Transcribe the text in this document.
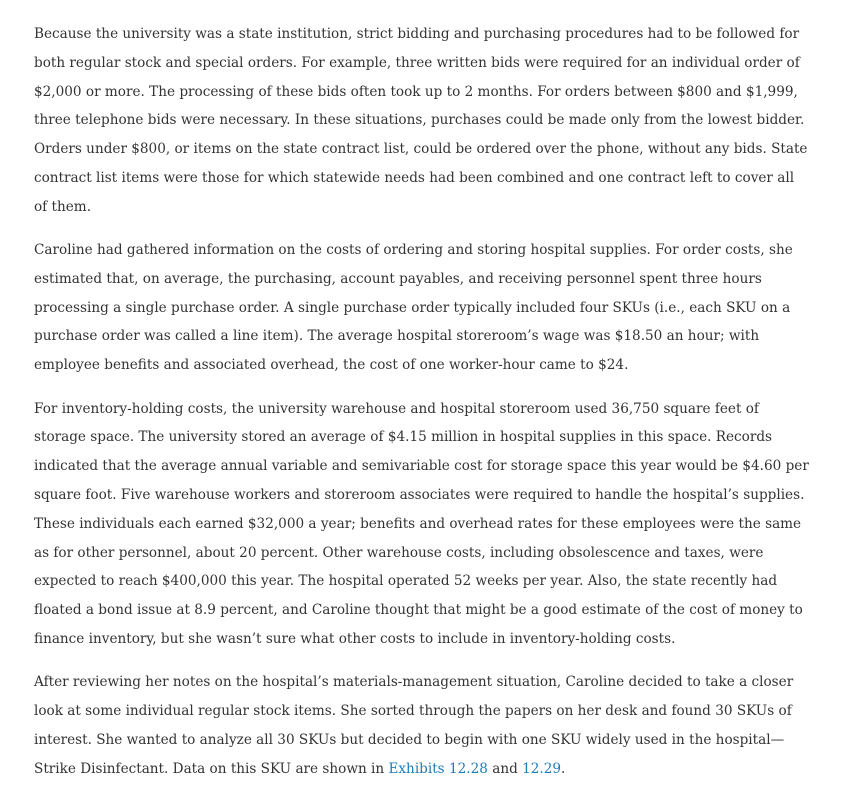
Because the university was a state institution, strict bidding and purchasing procedures had to be followed for both regular stock and special orders. For example, three written bids were required for an individual order of $2,000 or more. The processing of these bids often took up to 2 months. For orders between $800 and $1,999, three telephone bids were necessary. In these situations, purchases could be made only from the lowest bidder. Orders under $800, or items on the state contract list, could be ordered over the phone, without any bids. State contract list items were those for which statewide needs had been combined and one contract left to cover all of them.

Caroline had gathered information on the costs of ordering and storing hospital supplies. For order costs, she estimated that, on average, the purchasing, account payables, and receiving personnel spent three hours processing a single purchase order. A single purchase order typically included four SKUs (i.e., each SKU on a purchase order was called a line item). The average hospital storeroom’s wage was $18.50 an hour; with employee benefits and associated overhead, the cost of one worker-hour came to $24.

For inventory-holding costs, the university warehouse and hospital storeroom used 36,750 square feet of storage space. The university stored an average of $4.15 million in hospital supplies in this space. Records indicated that the average annual variable and semivariable cost for storage space this year would be $4.60 per square foot. Five warehouse workers and storeroom associates were required to handle the hospital’s supplies. These individuals each earned $32,000 a year; benefits and overhead rates for these employees were the same as for other personnel, about 20 percent. Other warehouse costs, including obsolescence and taxes, were expected to reach $400,000 this year. The hospital operated 52 weeks per year. Also, the state recently had floated a bond issue at 8.9 percent, and Caroline thought that might be a good estimate of the cost of money to finance inventory, but she wasn’t sure what other costs to include in inventory-holding costs.

After reviewing her notes on the hospital’s materials-management situation, Caroline decided to take a closer look at some individual regular stock items. She sorted through the papers on her desk and found 30 SKUs of interest. She wanted to analyze all 30 SKUs but decided to begin with one SKU widely used in the hospital—Strike Disinfectant. Data on this SKU are shown in Exhibits 12.28 and 12.29.
